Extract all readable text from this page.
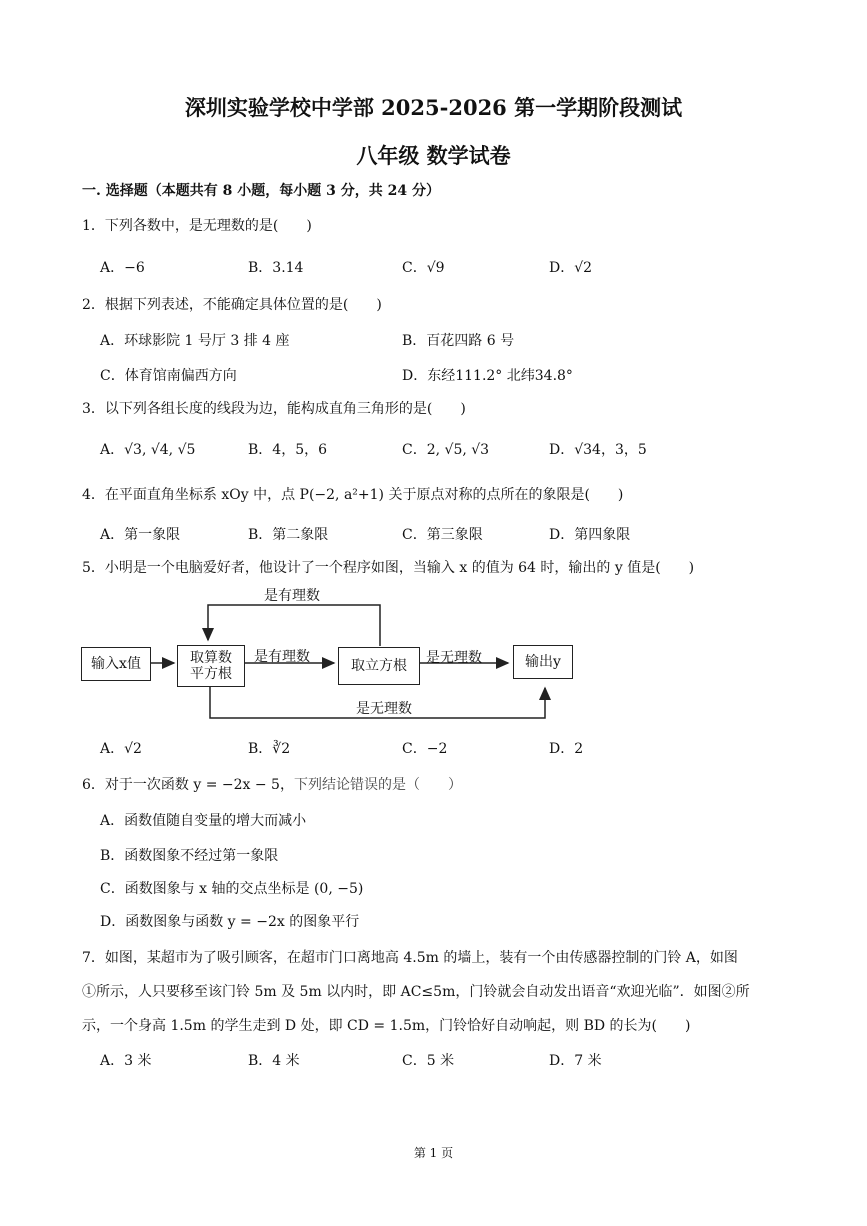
深圳实验学校中学部 2025-2026 第一学期阶段测试
八年级 数学试卷
一. 选择题（本题共有 8 小题，每小题 3 分，共 24 分）
1．下列各数中，是无理数的是(　　)
A．−6	B．3.14	C．√9	D．√2
2．根据下列表述，不能确定具体位置的是(　　)
A．环球影院 1 号厅 3 排 4 座	B．百花四路 6 号
C．体育馆南偏西方向	D．东经111.2° 北纬34.8°
3．以下列各组长度的线段为边，能构成直角三角形的是(　　)
A．√3, √4, √5	B．4，5，6	C．2, √5, √3	D．√34，3，5
4．在平面直角坐标系 xOy 中，点 P(−2, a²+1) 关于原点对称的点所在的象限是(　　)
A．第一象限	B．第二象限	C．第三象限	D．第四象限
5．小明是一个电脑爱好者，他设计了一个程序如图，当输入 x 的值为 64 时，输出的 y 值是(　　)
输入x值	取算数
平方根	取立方根	输出y
是有理数
是有理数	是无理数
是无理数
A．√2	B．∛2	C．−2	D．2
6．对于一次函数 y = −2x − 5，下列结论错误的是（　　）
A．函数值随自变量的增大而减小
B．函数图象不经过第一象限
C．函数图象与 x 轴的交点坐标是 (0, −5)
D．函数图象与函数 y = −2x 的图象平行
7．如图，某超市为了吸引顾客，在超市门口离地高 4.5m 的墙上，装有一个由传感器控制的门铃 A，如图
①所示，人只要移至该门铃 5m 及 5m 以内时，即 AC≤5m，门铃就会自动发出语音“欢迎光临”．如图②所
示，一个身高 1.5m 的学生走到 D 处，即 CD = 1.5m，门铃恰好自动响起，则 BD 的长为(　　)
A．3 米	B．4 米	C．5 米	D．7 米
第 1 页
